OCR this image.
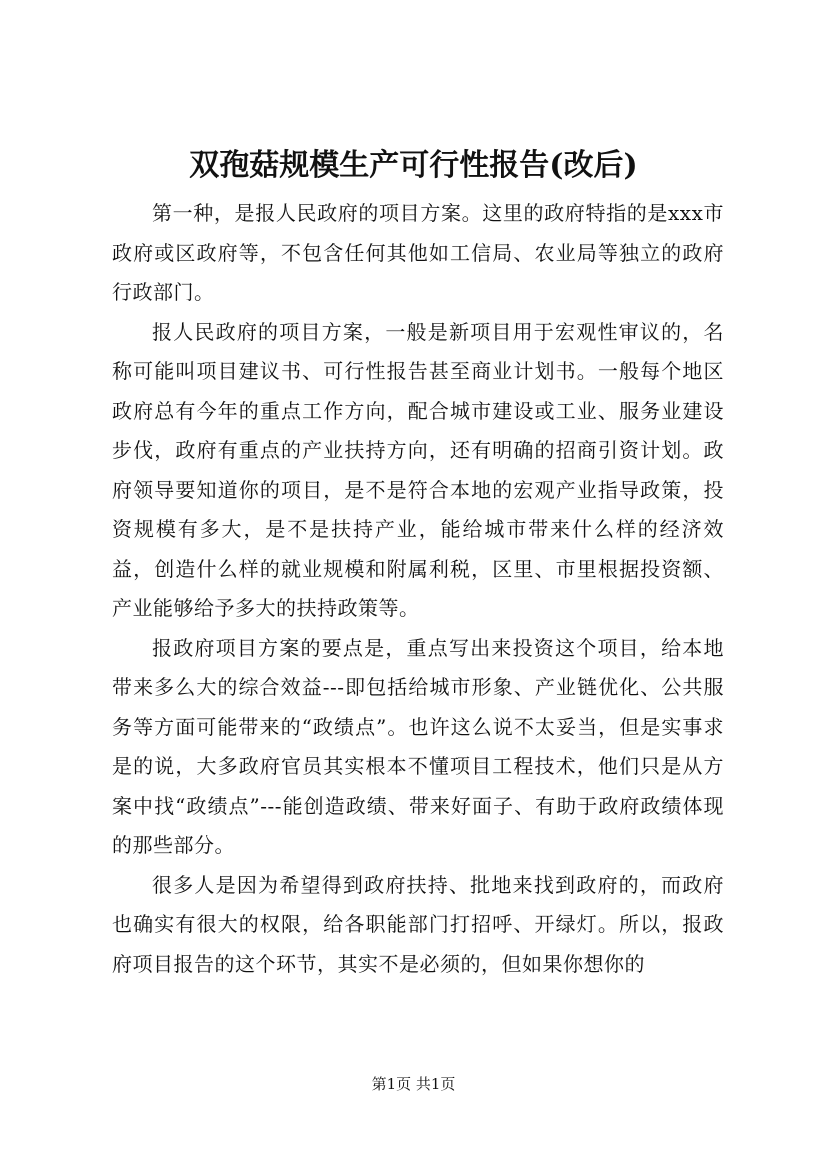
双孢菇规模生产可行性报告(改后)

第一种，是报人民政府的项目方案。这里的政府特指的是xxx市政府或区政府等，不包含任何其他如工信局、农业局等独立的政府行政部门。

报人民政府的项目方案，一般是新项目用于宏观性审议的，名称可能叫项目建议书、可行性报告甚至商业计划书。一般每个地区政府总有今年的重点工作方向，配合城市建设或工业、服务业建设步伐，政府有重点的产业扶持方向，还有明确的招商引资计划。政府领导要知道你的项目，是不是符合本地的宏观产业指导政策，投资规模有多大，是不是扶持产业，能给城市带来什么样的经济效益，创造什么样的就业规模和附属利税，区里、市里根据投资额、产业能够给予多大的扶持政策等。

报政府项目方案的要点是，重点写出来投资这个项目，给本地带来多么大的综合效益---即包括给城市形象、产业链优化、公共服务等方面可能带来的“政绩点”。也许这么说不太妥当，但是实事求是的说，大多政府官员其实根本不懂项目工程技术，他们只是从方案中找“政绩点”---能创造政绩、带来好面子、有助于政府政绩体现的那些部分。

很多人是因为希望得到政府扶持、批地来找到政府的，而政府也确实有很大的权限，给各职能部门打招呼、开绿灯。所以，报政府项目报告的这个环节，其实不是必须的，但如果你想你的

第1页 共1页
